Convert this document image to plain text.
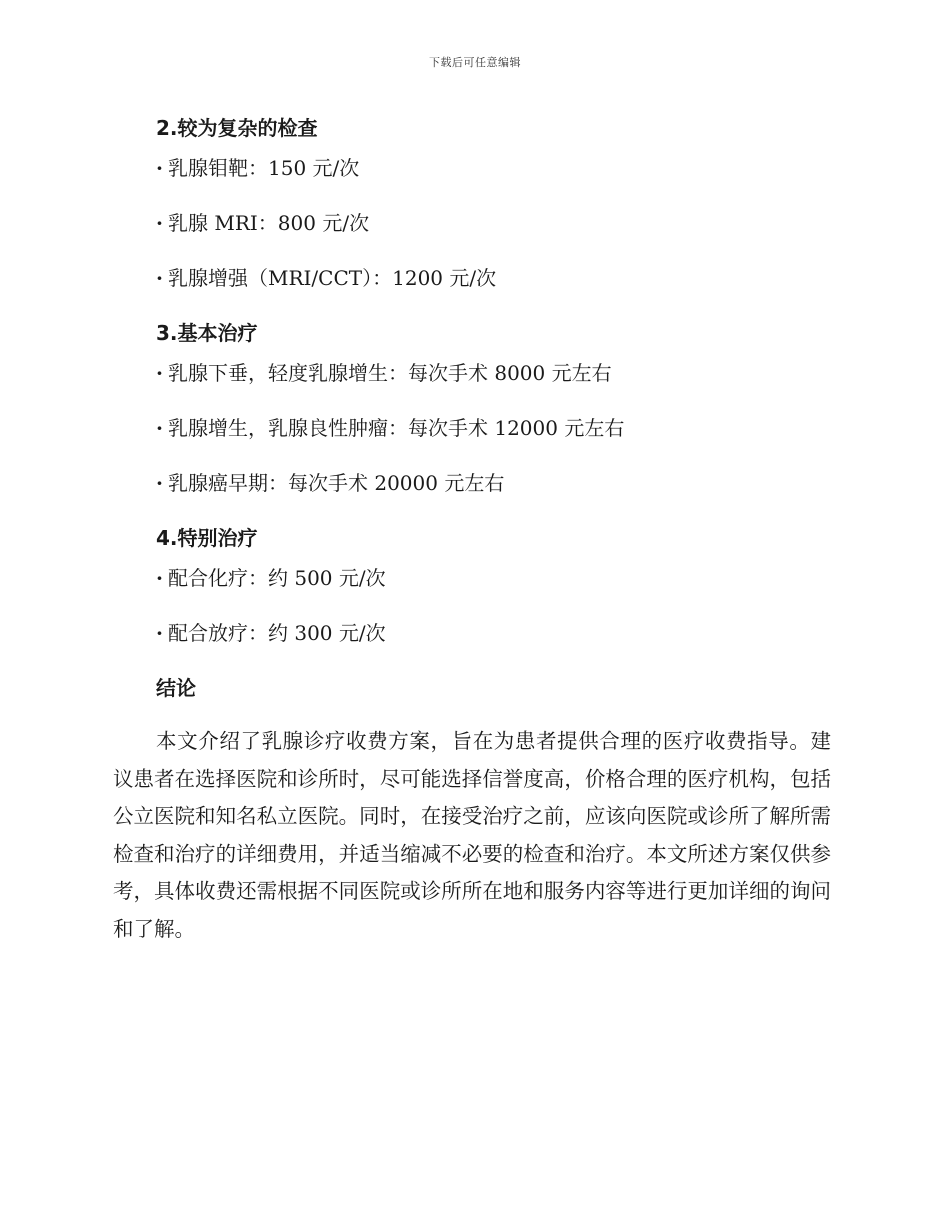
下载后可任意编辑
2.较为复杂的检查
· 乳腺钼靶：150 元/次
· 乳腺 MRI：800 元/次
· 乳腺增强（MRI/CCT）：1200 元/次
3.基本治疗
· 乳腺下垂，轻度乳腺增生：每次手术 8000 元左右
· 乳腺增生，乳腺良性肿瘤：每次手术 12000 元左右
· 乳腺癌早期：每次手术 20000 元左右
4.特别治疗
· 配合化疗：约 500 元/次
· 配合放疗：约 300 元/次
结论

本文介绍了乳腺诊疗收费方案，旨在为患者提供合理的医疗收费指导。建议患者在选择医院和诊所时，尽可能选择信誉度高，价格合理的医疗机构，包括公立医院和知名私立医院。同时，在接受治疗之前，应该向医院或诊所了解所需检查和治疗的详细费用，并适当缩减不必要的检查和治疗。本文所述方案仅供参考，具体收费还需根据不同医院或诊所所在地和服务内容等进行更加详细的询问和了解。
